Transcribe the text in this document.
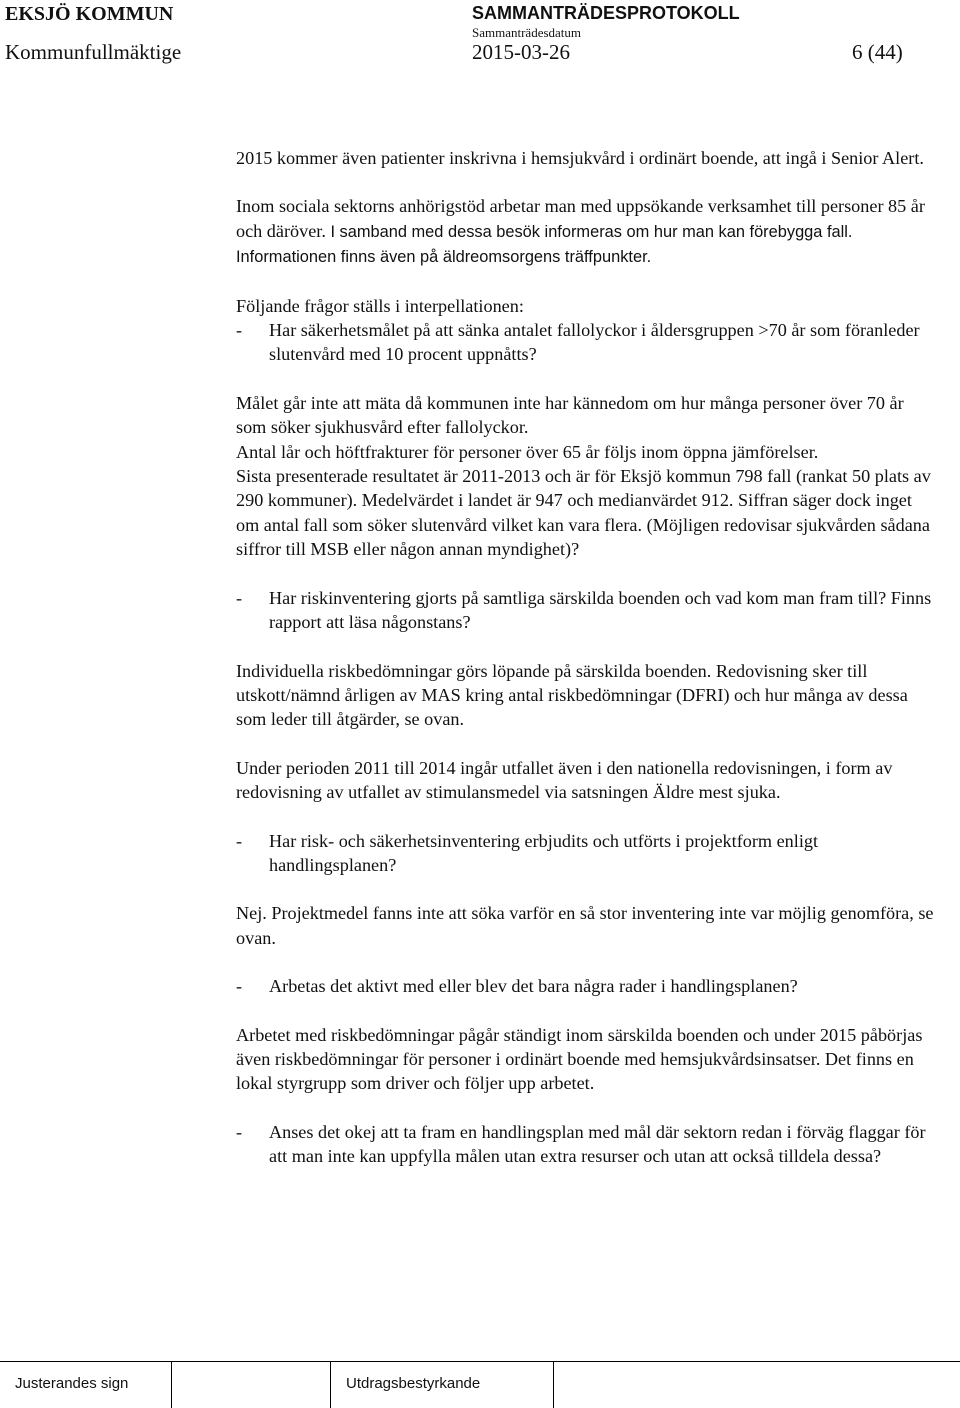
EKSJÖ KOMMUN	SAMMANTRÄDESPROTOKOLL
Sammanträdesdatum
Kommunfullmäktige	2015-03-26	6 (44)

2015 kommer även patienter inskrivna i hemsjukvård i ordinärt boende, att ingå i Senior Alert.

Inom sociala sektorns anhörigstöd arbetar man med uppsökande verksamhet till personer 85 år och däröver. I samband med dessa besök informeras om hur man kan förebygga fall. Informationen finns även på äldreomsorgens träffpunkter.

Följande frågor ställs i interpellationen:

- Har säkerhetsmålet på att sänka antalet fallolyckor i åldersgruppen >70 år som föranleder slutenvård med 10 procent uppnåtts?

Målet går inte att mäta då kommunen inte har kännedom om hur många personer över 70 år som söker sjukhusvård efter fallolyckor.

Antal lår och höftfrakturer för personer över 65 år följs inom öppna jämförelser.

Sista presenterade resultatet är 2011-2013 och är för Eksjö kommun 798 fall (rankat 50 plats av 290 kommuner). Medelvärdet i landet är 947 och medianvärdet 912. Siffran säger dock inget om antal fall som söker slutenvård vilket kan vara flera. (Möjligen redovisar sjukvården sådana siffror till MSB eller någon annan myndighet)?

- Har riskinventering gjorts på samtliga särskilda boenden och vad kom man fram till? Finns rapport att läsa någonstans?

Individuella riskbedömningar görs löpande på särskilda boenden. Redovisning sker till utskott/nämnd årligen av MAS kring antal riskbedömningar (DFRI) och hur många av dessa som leder till åtgärder, se ovan.

Under perioden 2011 till 2014 ingår utfallet även i den nationella redovisningen, i form av redovisning av utfallet av stimulansmedel via satsningen Äldre mest sjuka.

- Har risk- och säkerhetsinventering erbjudits och utförts i projektform enligt handlingsplanen?

Nej. Projektmedel fanns inte att söka varför en så stor inventering inte var möjlig genomföra, se ovan.

- Arbetas det aktivt med eller blev det bara några rader i handlingsplanen?

Arbetet med riskbedömningar pågår ständigt inom särskilda boenden och under 2015 påbörjas även riskbedömningar för personer i ordinärt boende med hemsjukvårdsinsatser. Det finns en lokal styrgrupp som driver och följer upp arbetet.

- Anses det okej att ta fram en handlingsplan med mål där sektorn redan i förväg flaggar för att man inte kan uppfylla målen utan extra resurser och utan att också tilldela dessa?
Justerandes sign	Utdragsbestyrkande
